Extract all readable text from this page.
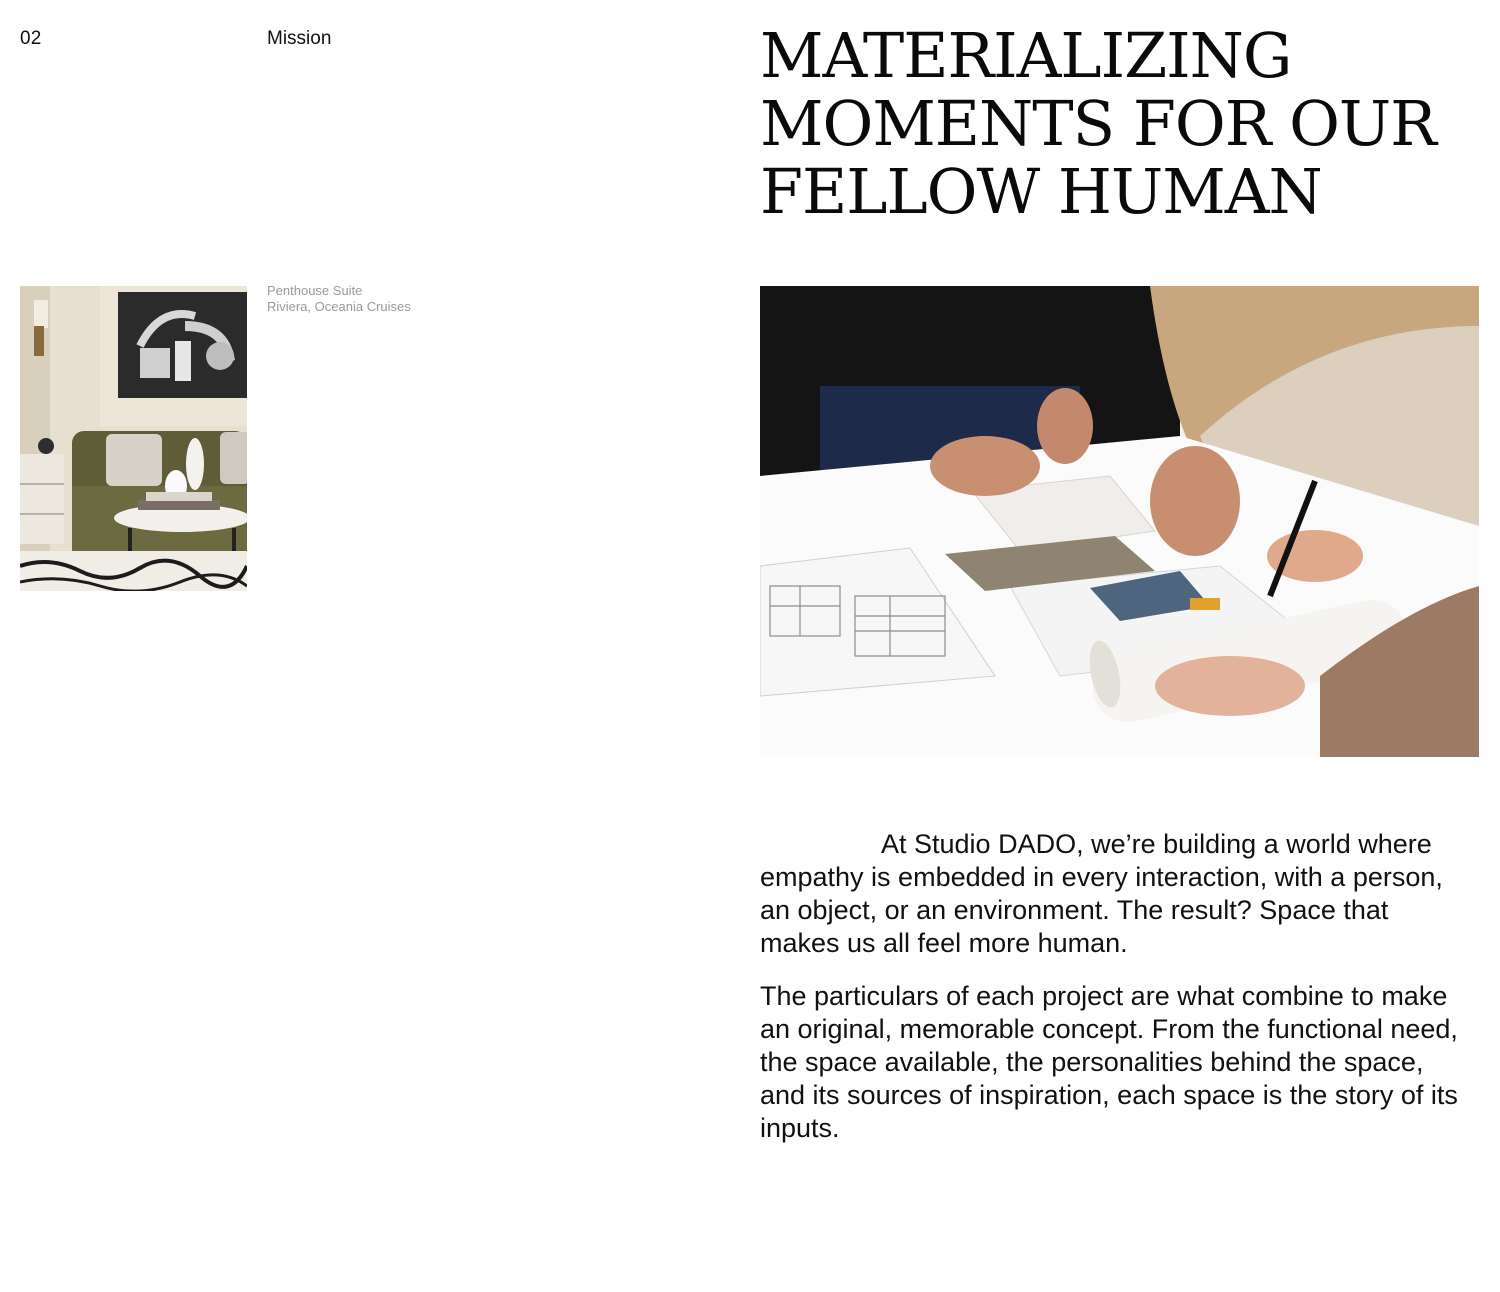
02	Mission	MATERIALIZING
MOMENTS FOR OUR
FELLOW HUMAN
Penthouse Suite
Riviera, Oceania Cruises

At Studio DADO, we’re building a world where empathy is embedded in every interaction, with a person, an object, or an environment. The result? Space that makes us all feel more human.

The particulars of each project are what combine to make an original, memorable concept. From the functional need, the space available, the personalities behind the space, and its sources of inspiration, each space is the story of its inputs.
